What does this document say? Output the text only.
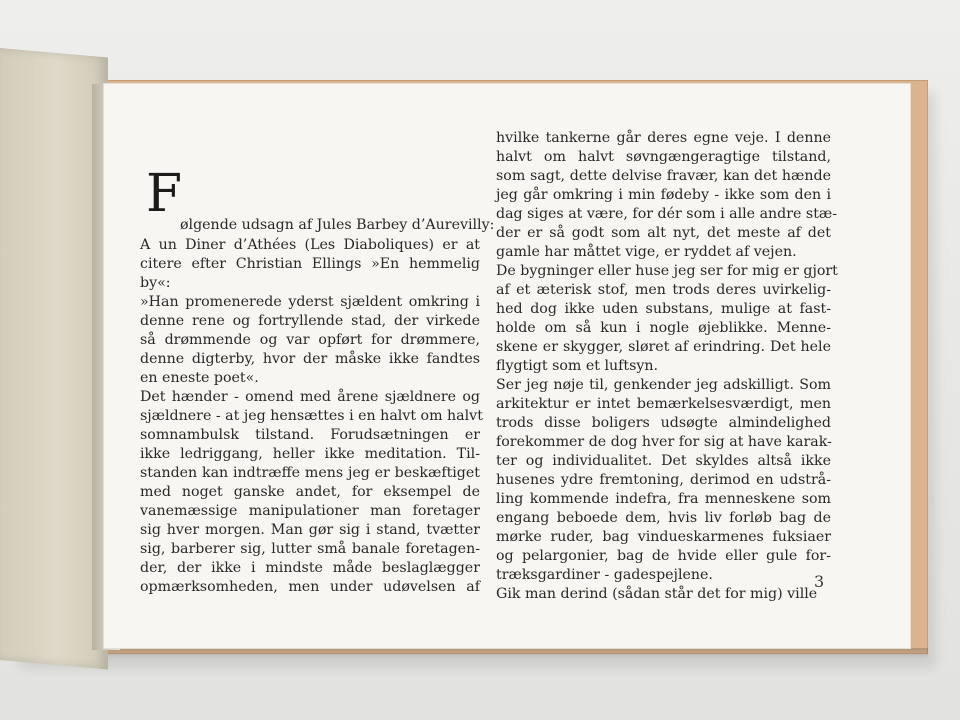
F
ølgende udsagn af Jules Barbey d’Aurevilly:
A un Diner d’Athées (Les Diaboliques) er at
citere efter Christian Ellings »En hemmelig
by«:
»Han promenerede yderst sjældent omkring i
denne rene og fortryllende stad, der virkede
så drømmende og var opført for drømmere,
denne digterby, hvor der måske ikke fandtes
en eneste poet«.
Det hænder - omend med årene sjældnere og
sjældnere - at jeg hensættes i en halvt om halvt
somnambulsk tilstand. Forudsætningen er
ikke ledriggang, heller ikke meditation. Til-
standen kan indtræffe mens jeg er beskæftiget
med noget ganske andet, for eksempel de
vanemæssige manipulationer man foretager
sig hver morgen. Man gør sig i stand, tvætter
sig, barberer sig, lutter små banale foretagen-
der, der ikke i mindste måde beslaglægger
opmærksomheden, men under udøvelsen af
hvilke tankerne går deres egne veje. I denne
halvt om halvt søvngængeragtige tilstand,
som sagt, dette delvise fravær, kan det hænde
jeg går omkring i min fødeby - ikke som den i
dag siges at være, for dér som i alle andre stæ-
der er så godt som alt nyt, det meste af det
gamle har måttet vige, er ryddet af vejen.
De bygninger eller huse jeg ser for mig er gjort
af et æterisk stof, men trods deres uvirkelig-
hed dog ikke uden substans, mulige at fast-
holde om så kun i nogle øjeblikke. Menne-
skene er skygger, sløret af erindring. Det hele
flygtigt som et luftsyn.
Ser jeg nøje til, genkender jeg adskilligt. Som
arkitektur er intet bemærkelsesværdigt, men
trods disse boligers udsøgte almindelighed
forekommer de dog hver for sig at have karak-
ter og individualitet. Det skyldes altså ikke
husenes ydre fremtoning, derimod en udstrå-
ling kommende indefra, fra menneskene som
engang beboede dem, hvis liv forløb bag de
mørke ruder, bag vindueskarmenes fuksiaer
og pelargonier, bag de hvide eller gule for-
træksgardiner - gadespejlene.
Gik man derind (sådan står det for mig) ville
3
